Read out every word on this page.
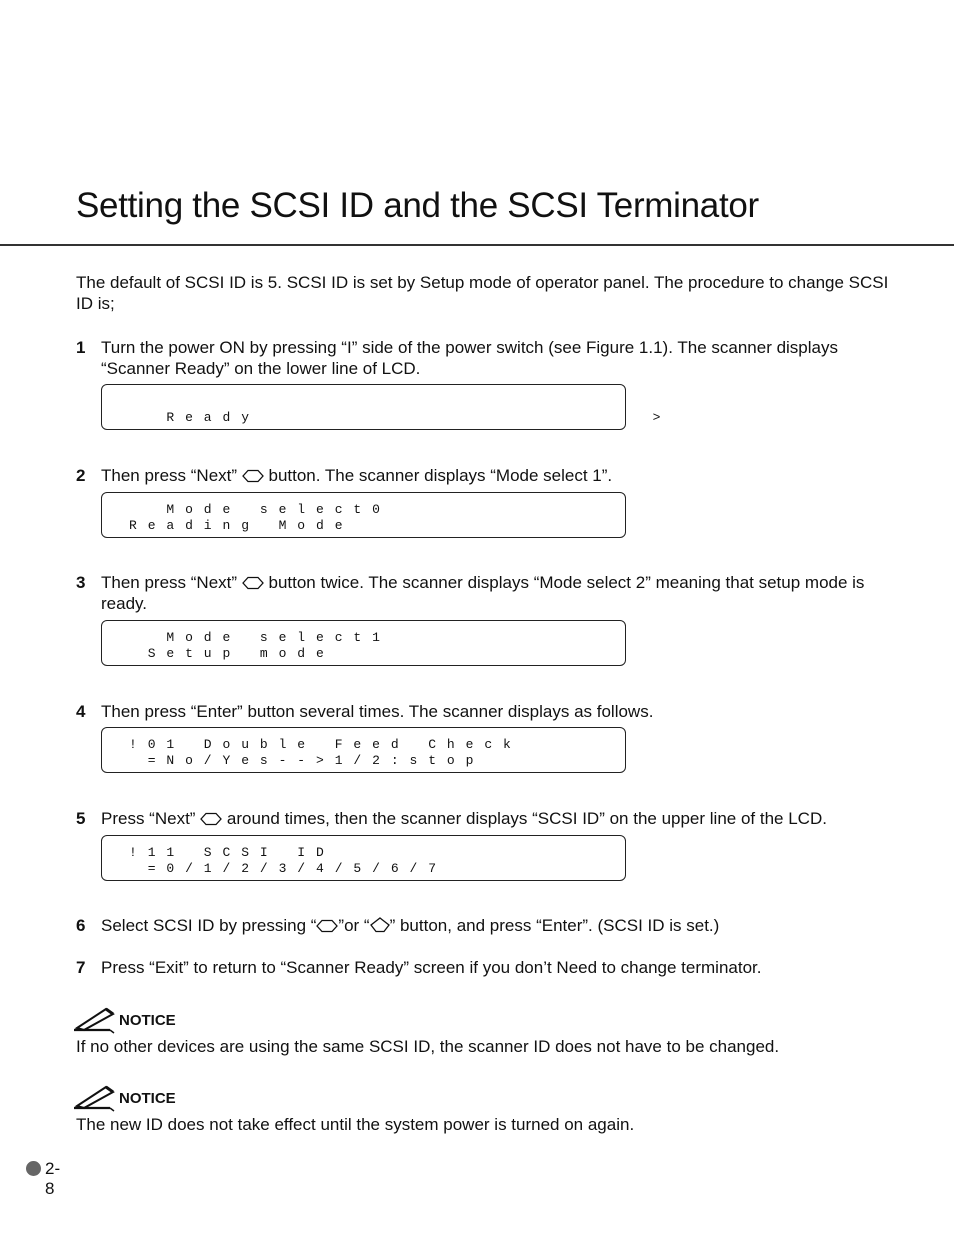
Setting the SCSI ID and the SCSI Terminator

The default of SCSI ID is 5. SCSI ID is set by Setup mode of operator panel. The procedure to change SCSI ID is;

1 Turn the power ON by pressing “I” side of the power switch (see Figure 1.1). The scanner displays “Scanner Ready” on the lower line of LCD.

Ready                     >

2 Then press “Next”  button. The scanner displays “Mode select 1”.

Mode select0

Reading Mode

3 Then press “Next”  button twice. The scanner displays “Mode select 2” meaning that setup mode is ready.

Mode select1

Setup mode

4 Then press “Enter” button several times. The scanner displays as follows.

!01 Double Feed Check

=No/Yes-->1/2:stop

5 Press “Next”  around times, then the scanner displays “SCSI ID” on the upper line of the LCD.

!11 SCSI ID

=0/1/2/3/4/5/6/7

6 Select SCSI ID by pressing “ ”or “ ” button, and press “Enter”. (SCSI ID is set.)
7 Press “Exit” to return to “Scanner Ready” screen if you don’t Need to change terminator.
NOTICE

If no other devices are using the same SCSI ID, the scanner ID does not have to be changed.

NOTICE

The new ID does not take effect until the system power is turned on again.

2-8
